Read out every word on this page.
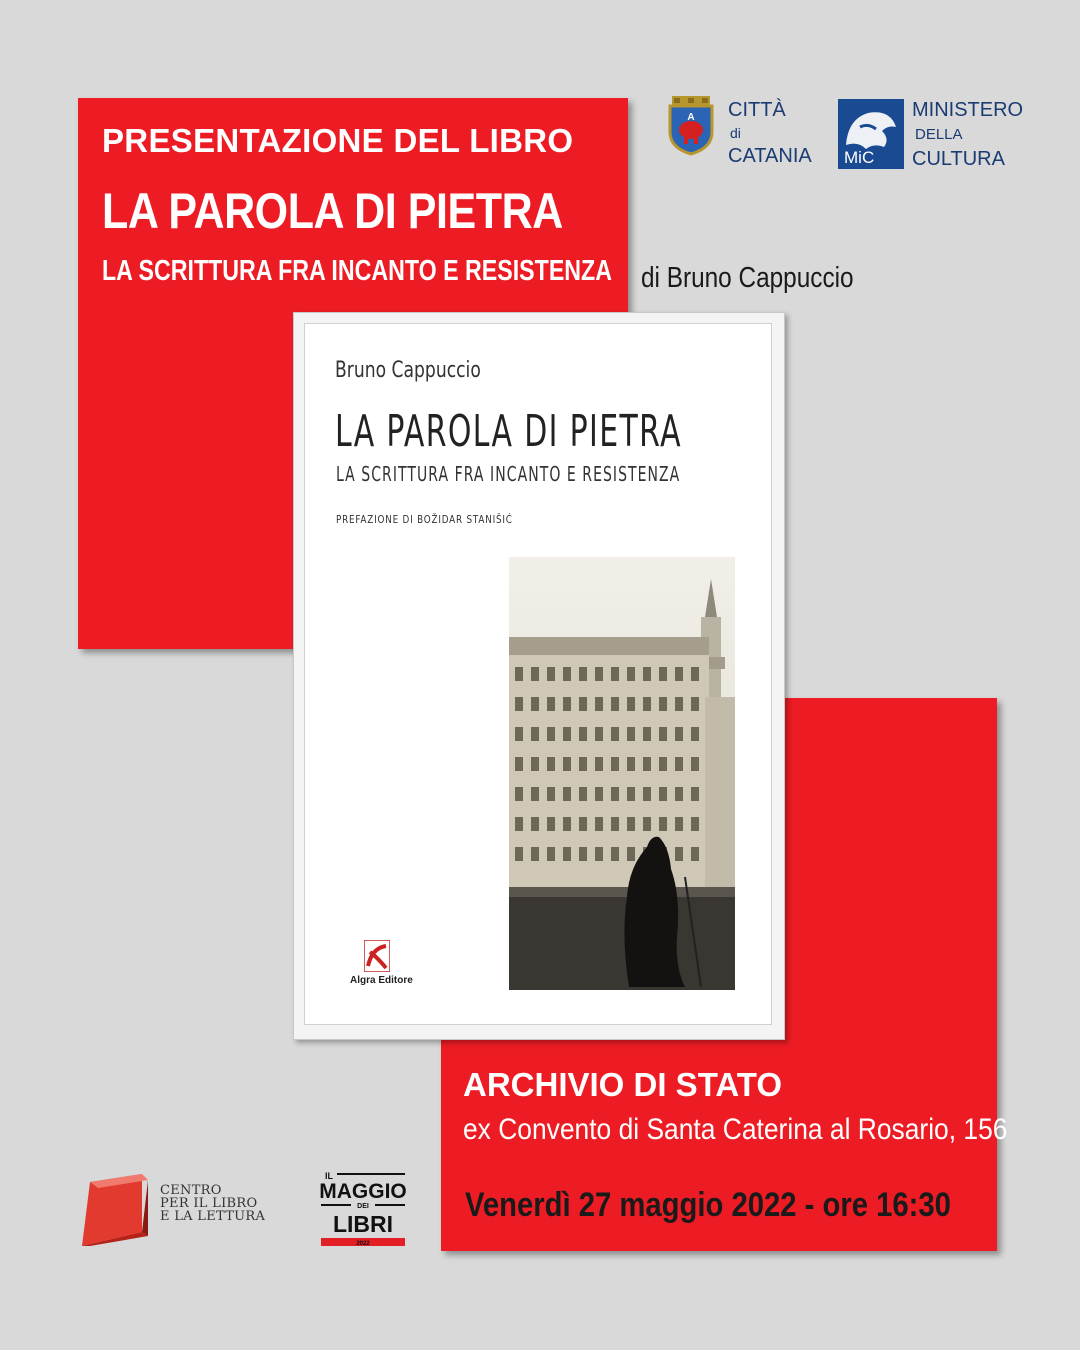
PRESENTAZIONE DEL LIBRO
LA PAROLA DI PIETRA
LA SCRITTURA FRA INCANTO E RESISTENZA di Bruno Cappuccio
A CITTÀ
di
CATANIA MiC
MINISTERO
DELLA
CULTURA
Bruno Cappuccio
LA PAROLA DI PIETRA
LA SCRITTURA FRA INCANTO E RESISTENZA
PREFAZIONE DI BOŽIDAR STANIŠIĆ
Algra Editore
ARCHIVIO DI STATO
ex Convento di Santa Caterina al Rosario, 156
Venerdì 27 maggio 2022 - ore 16:30
CENTRO
PER IL LIBRO
E LA LETTURA
IL
MAGGIO
DEI
LIBRI
2022
